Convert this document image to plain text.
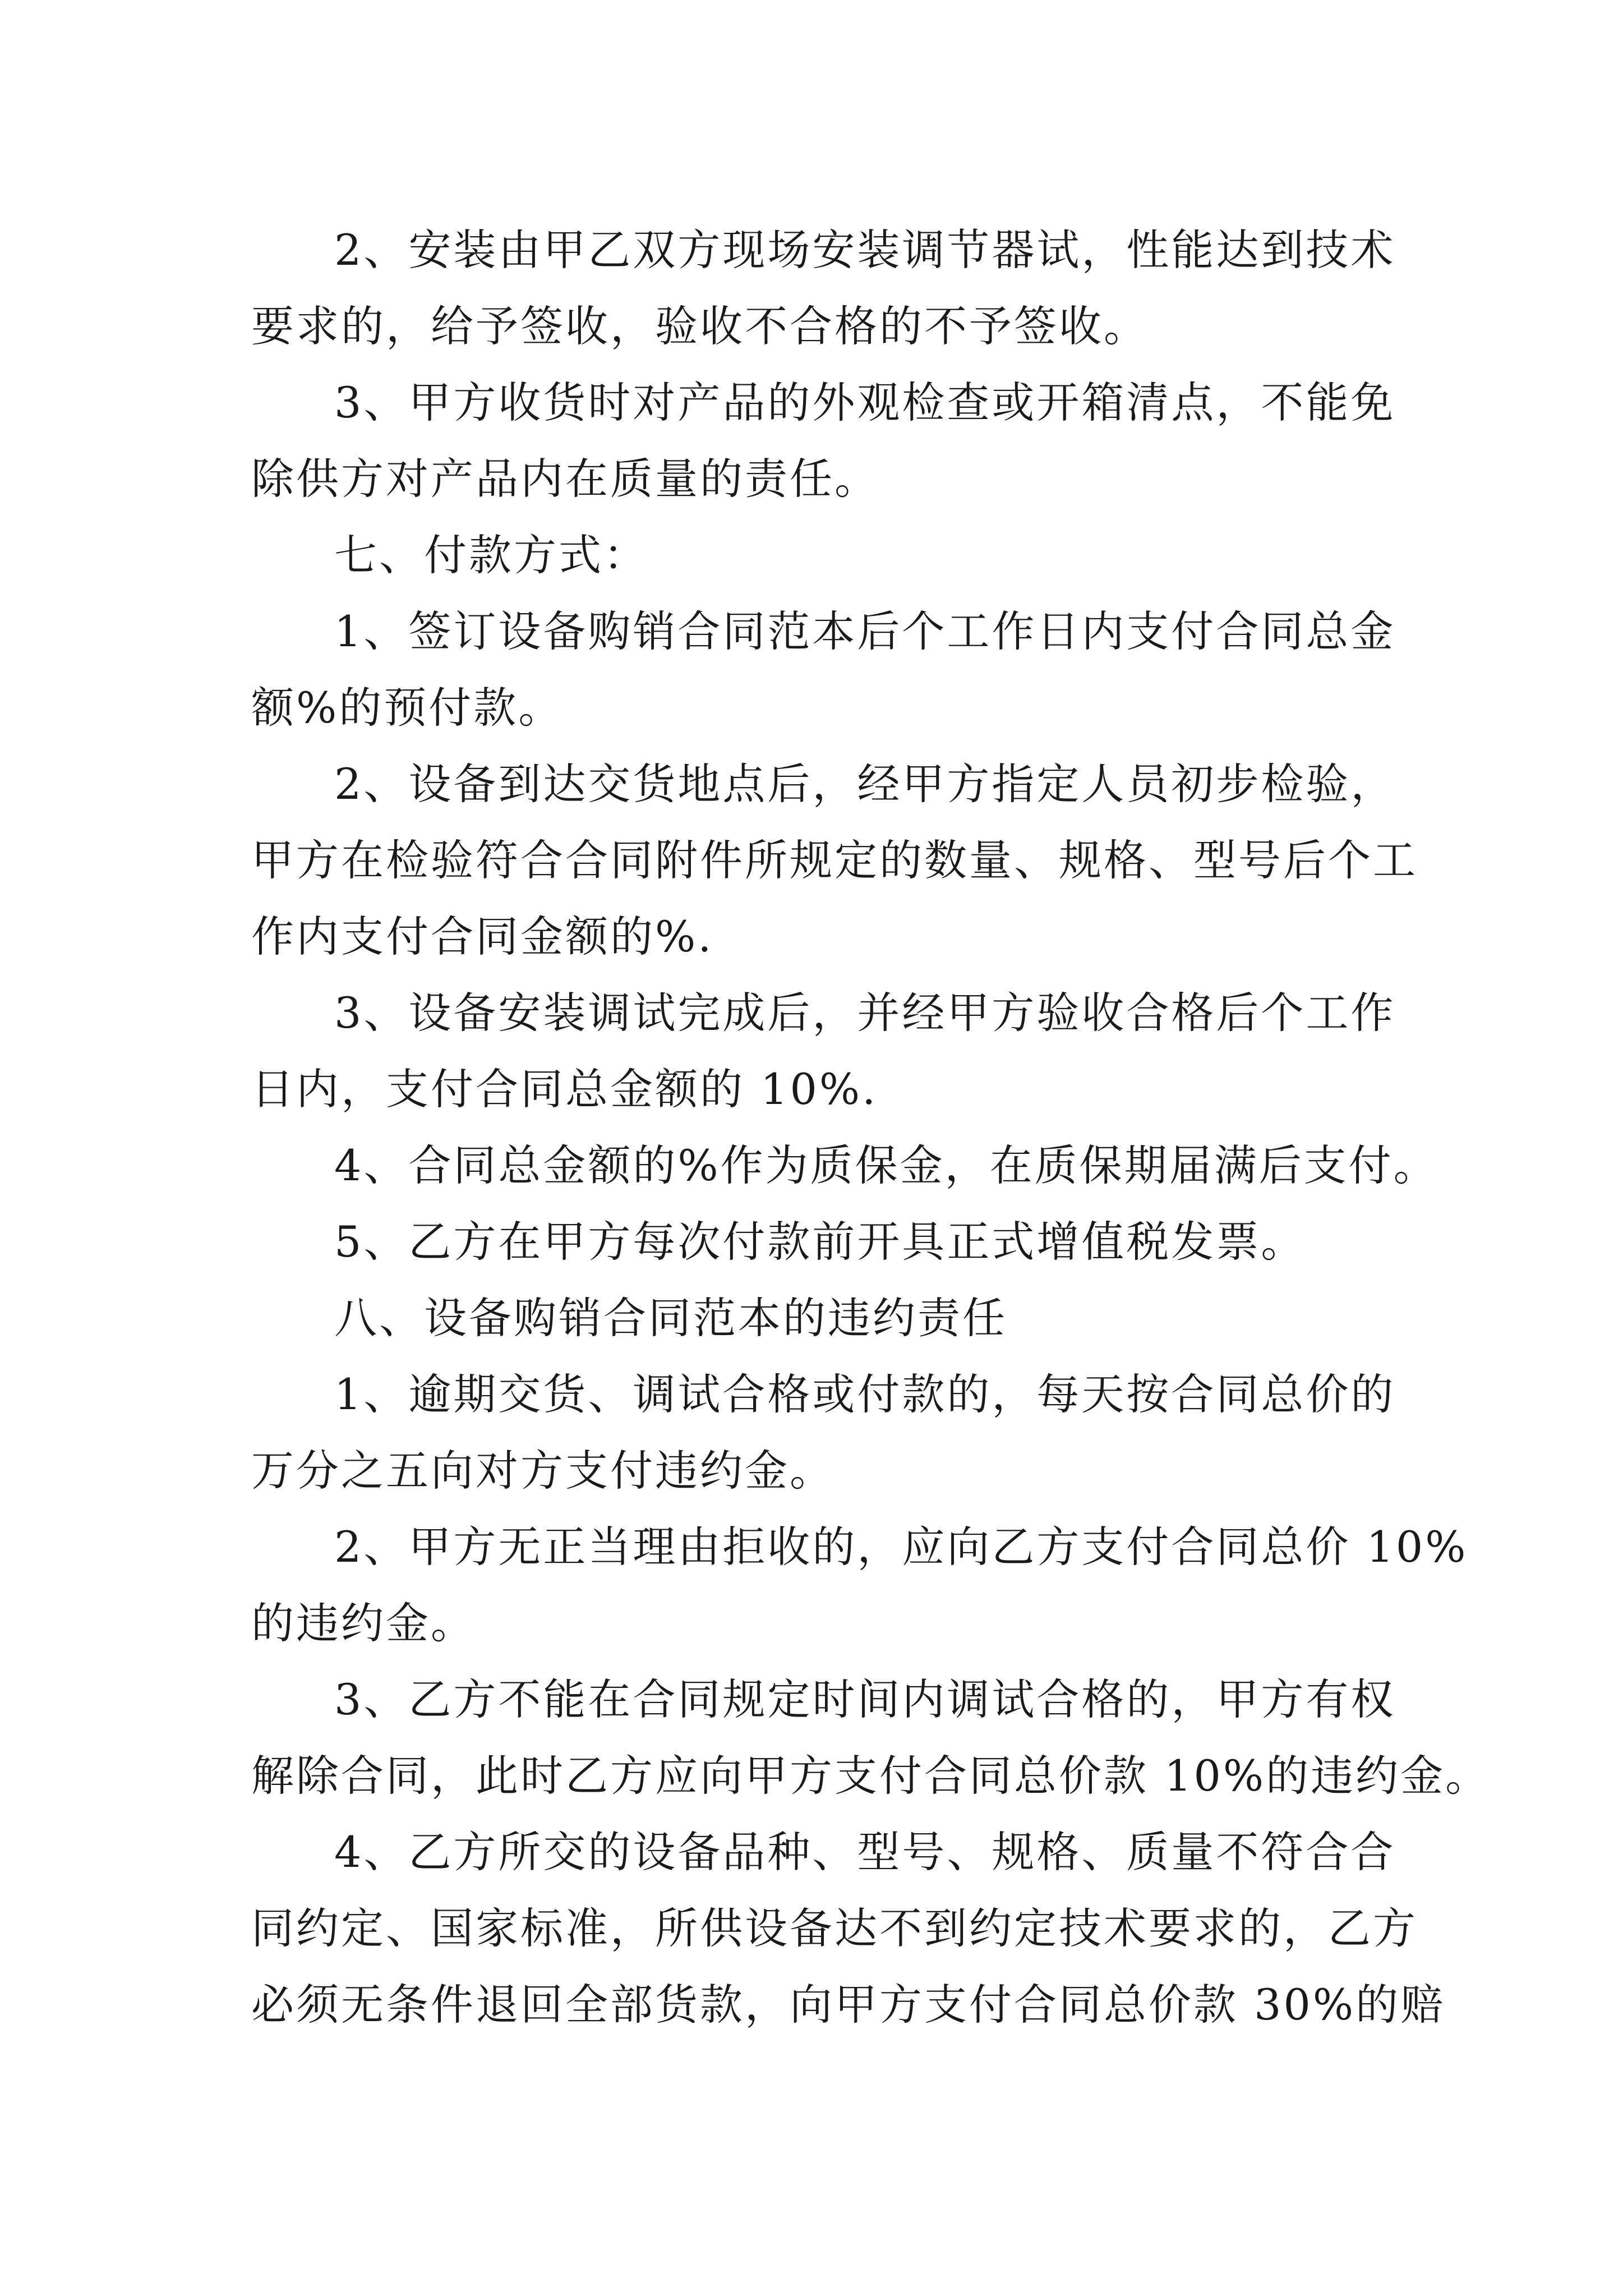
2、安装由甲乙双方现场安装调节器试，性能达到技术
要求的，给予签收，验收不合格的不予签收。
3、甲方收货时对产品的外观检查或开箱清点，不能免
除供方对产品内在质量的责任。
七、付款方式：
1、签订设备购销合同范本后个工作日内支付合同总金
额%的预付款。
2、设备到达交货地点后，经甲方指定人员初步检验，
甲方在检验符合合同附件所规定的数量、规格、型号后个工
作内支付合同金额的%.
3、设备安装调试完成后，并经甲方验收合格后个工作
日内，支付合同总金额的 10%.
4、合同总金额的%作为质保金，在质保期届满后支付。
5、乙方在甲方每次付款前开具正式增值税发票。
八、设备购销合同范本的违约责任
1、逾期交货、调试合格或付款的，每天按合同总价的
万分之五向对方支付违约金。
2、甲方无正当理由拒收的，应向乙方支付合同总价 10%
的违约金。
3、乙方不能在合同规定时间内调试合格的，甲方有权
解除合同，此时乙方应向甲方支付合同总价款 10%的违约金。
4、乙方所交的设备品种、型号、规格、质量不符合合
同约定、国家标准，所供设备达不到约定技术要求的，乙方
必须无条件退回全部货款，向甲方支付合同总价款 30%的赔
